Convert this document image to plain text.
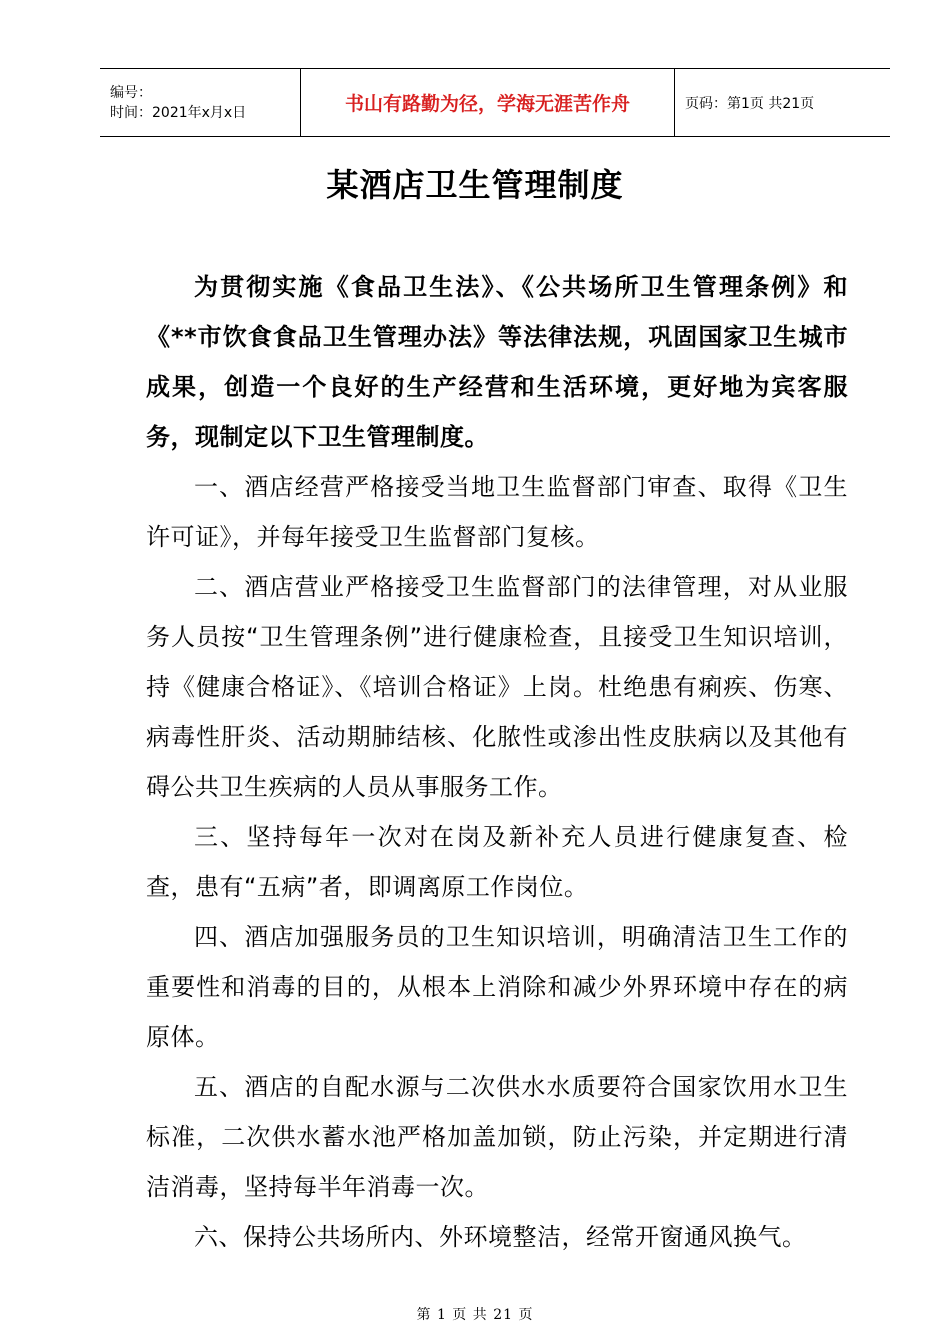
编号：
时间：2021年x月x日	书山有路勤为径，学海无涯苦作舟	页码：第1页 共21页
某酒店卫生管理制度

为贯彻实施《食品卫生法》、《公共场所卫生管理条例》和《**市饮食食品卫生管理办法》等法律法规，巩固国家卫生城市成果，创造一个良好的生产经营和生活环境，更好地为宾客服务，现制定以下卫生管理制度。

一、酒店经营严格接受当地卫生监督部门审查、取得《卫生许可证》，并每年接受卫生监督部门复核。

二、酒店营业严格接受卫生监督部门的法律管理，对从业服务人员按“卫生管理条例”进行健康检查，且接受卫生知识培训，持《健康合格证》、《培训合格证》上岗。杜绝患有痢疾、伤寒、病毒性肝炎、活动期肺结核、化脓性或渗出性皮肤病以及其他有碍公共卫生疾病的人员从事服务工作。

三、坚持每年一次对在岗及新补充人员进行健康复查、检查，患有“五病”者，即调离原工作岗位。

四、酒店加强服务员的卫生知识培训，明确清洁卫生工作的重要性和消毒的目的，从根本上消除和减少外界环境中存在的病原体。

五、酒店的自配水源与二次供水水质要符合国家饮用水卫生标准，二次供水蓄水池严格加盖加锁，防止污染，并定期进行清洁消毒，坚持每半年消毒一次。

六、保持公共场所内、外环境整洁，经常开窗通风换气。

第 1 页 共 21 页
